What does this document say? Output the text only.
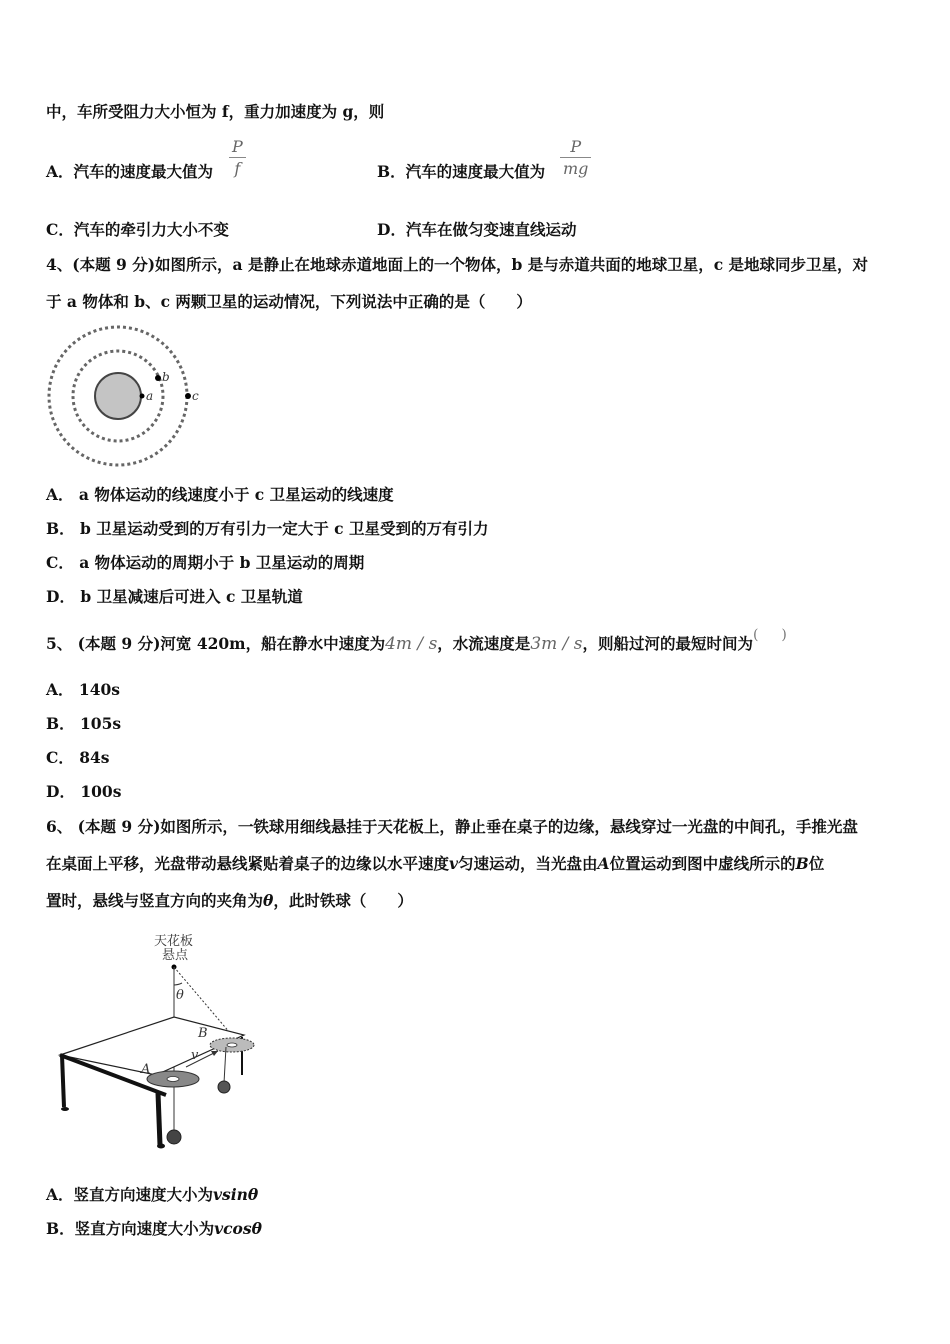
中，车所受阻力大小恒为 f，重力加速度为 g，则
A．汽车的速度最大值为 $\frac{P}{f}$	B．汽车的速度最大值为 $\frac{P}{mg}$
C．汽车的牵引力大小不变	D．汽车在做匀变速直线运动
4、(本题 9 分)如图所示，a 是静止在地球赤道地面上的一个物体，b 是与赤道共面的地球卫星，c 是地球同步卫星，对
于 a 物体和 b、c 两颗卫星的运动情况，下列说法中正确的是（　　）
a
b
c
A． a 物体运动的线速度小于 c 卫星运动的线速度
B． b 卫星运动受到的万有引力一定大于 c 卫星受到的万有引力
C． a 物体运动的周期小于 b 卫星运动的周期
D． b 卫星减速后可进入 c 卫星轨道
5、 (本题 9 分)河宽 420m，船在静水中速度为4m / s，水流速度是3m / s，则船过河的最短时间为( 　 )
A． 140s
B． 105s
C． 84s
D． 100s
6、 (本题 9 分)如图所示，一铁球用细线悬挂于天花板上，静止垂在桌子的边缘，悬线穿过一光盘的中间孔，手推光盘
在桌面上平移，光盘带动悬线紧贴着桌子的边缘以水平速度v匀速运动，当光盘由A位置运动到图中虚线所示的B位
置时，悬线与竖直方向的夹角为θ，此时铁球（　　）
天花板
悬点
θ
A
B
v
A．竖直方向速度大小为vsinθ
B．竖直方向速度大小为vcosθ
